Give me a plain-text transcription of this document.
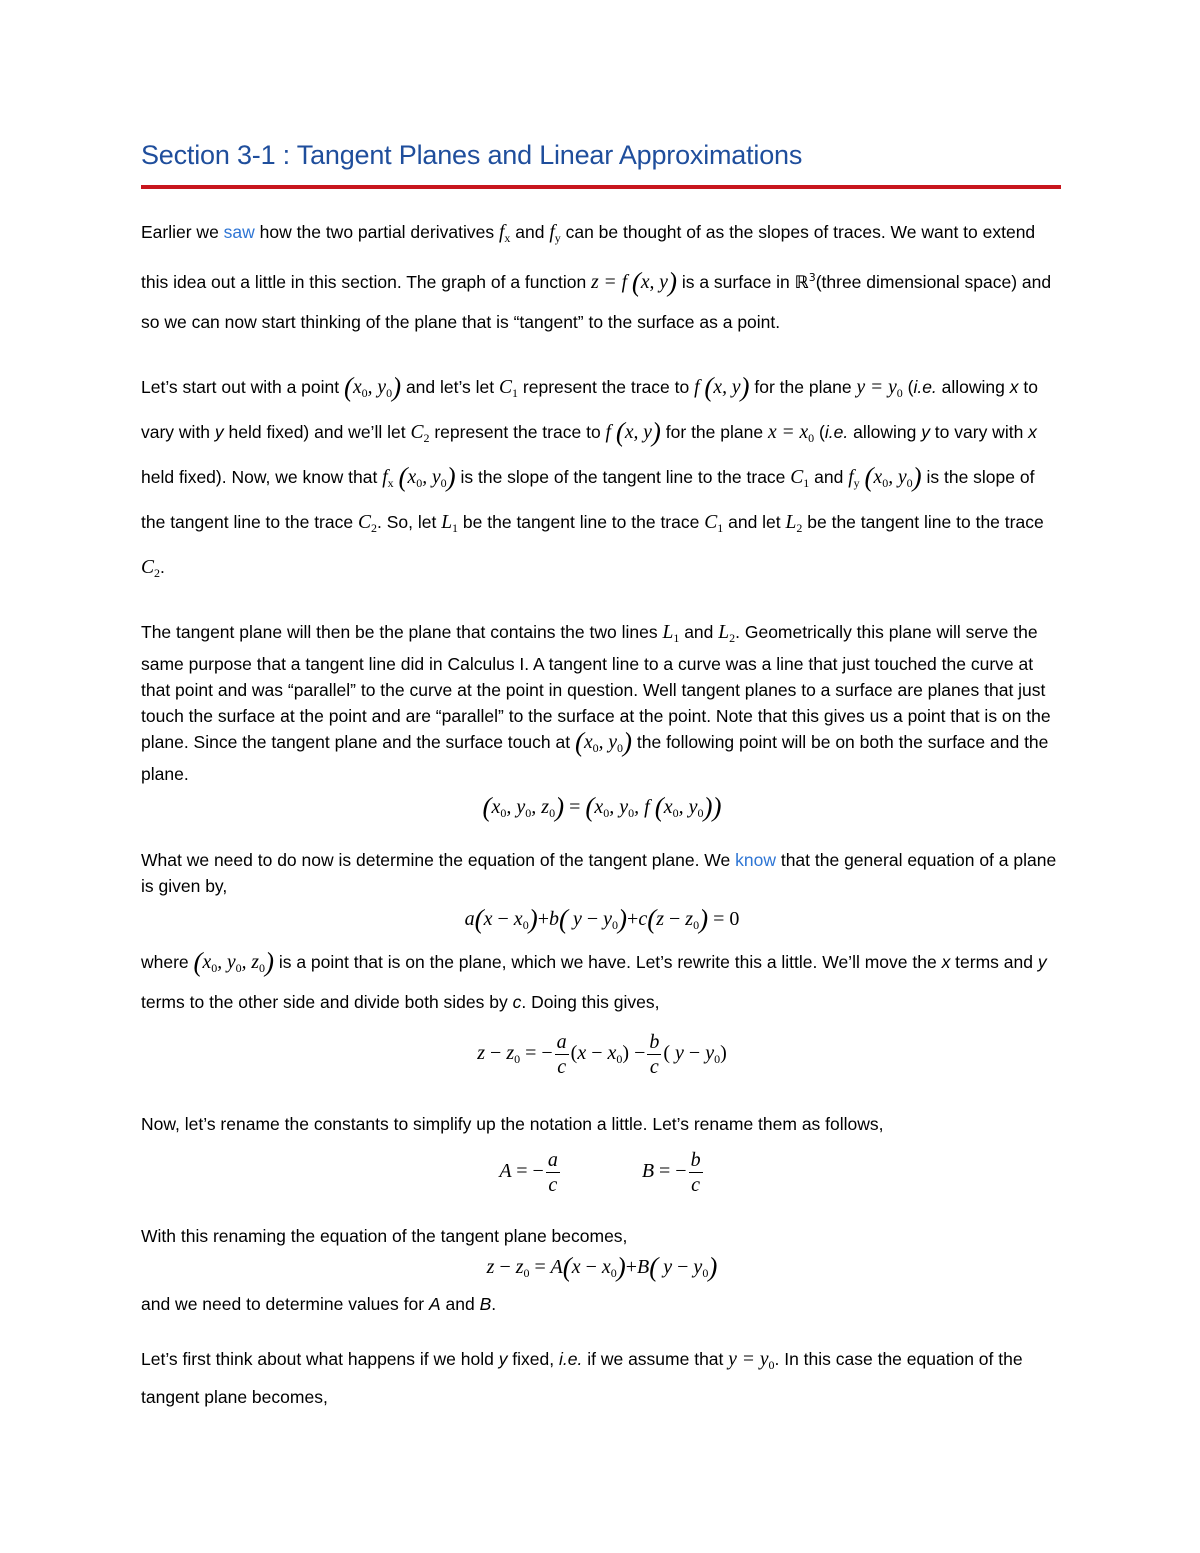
Section 3-1 : Tangent Planes and Linear Approximations

Earlier we saw how the two partial derivatives $f_x$ and $f_y$ can be thought of as the slopes of traces. We want to extend this idea out a little in this section. The graph of a function z = f (x, y) is a surface in ℝ$^3$(three dimensional space) and so we can now start thinking of the plane that is “tangent” to the surface as a point.

Let’s start out with a point ($x_0$, $y_0$) and let’s let $C_1$ represent the trace to f (x, y) for the plane $y = y_0$ (i.e. allowing x to vary with y held fixed) and we’ll let $C_2$ represent the trace to f (x, y) for the plane $x = x_0$ (i.e. allowing y to vary with x held fixed). Now, we know that $f_x$ ($x_0$, $y_0$) is the slope of the tangent line to the trace $C_1$ and $f_y$ ($x_0$, $y_0$) is the slope of the tangent line to the trace $C_2$. So, let $L_1$ be the tangent line to the trace $C_1$ and let $L_2$ be the tangent line to the trace $C_2$.

The tangent plane will then be the plane that contains the two lines $L_1$ and $L_2$. Geometrically this plane will serve the same purpose that a tangent line did in Calculus I. A tangent line to a curve was a line that just touched the curve at that point and was “parallel” to the curve at the point in question. Well tangent planes to a surface are planes that just touch the surface at the point and are “parallel” to the surface at the point. Note that this gives us a point that is on the plane. Since the tangent plane and the surface touch at ($x_0$, $y_0$) the following point will be on both the surface and the plane.

($x_0$, $y_0$, $z_0) = (x_0$, $y_0$, f ($x_0$, $y_0$))

What we need to do now is determine the equation of the tangent plane. We know that the general equation of a plane is given by,

$a(x - x_0)+b$( $y - y_0)+c(z - z_0) = 0$

where ($x_0$, $y_0$, $z_0$) is a point that is on the plane, which we have. Let’s rewrite this a little. We’ll move the x terms and y terms to the other side and divide both sides by c. Doing this gives,

$z - z_0$ = − $\frac{a}{c} (x - x_0) - \frac{b}{c}$ ( $y - y_0$)

Now, let’s rename the constants to simplify up the notation a little. Let’s rename them as follows,

A = − $\frac{a}{c}$	B = − $\frac{b}{c}$

With this renaming the equation of the tangent plane becomes,

$z - z_0 = A(x - x_0)+B$( $y - y_0$)

and we need to determine values for A and B.

Let’s first think about what happens if we hold y fixed, i.e. if we assume that $y = y_0$. In this case the equation of the tangent plane becomes,
